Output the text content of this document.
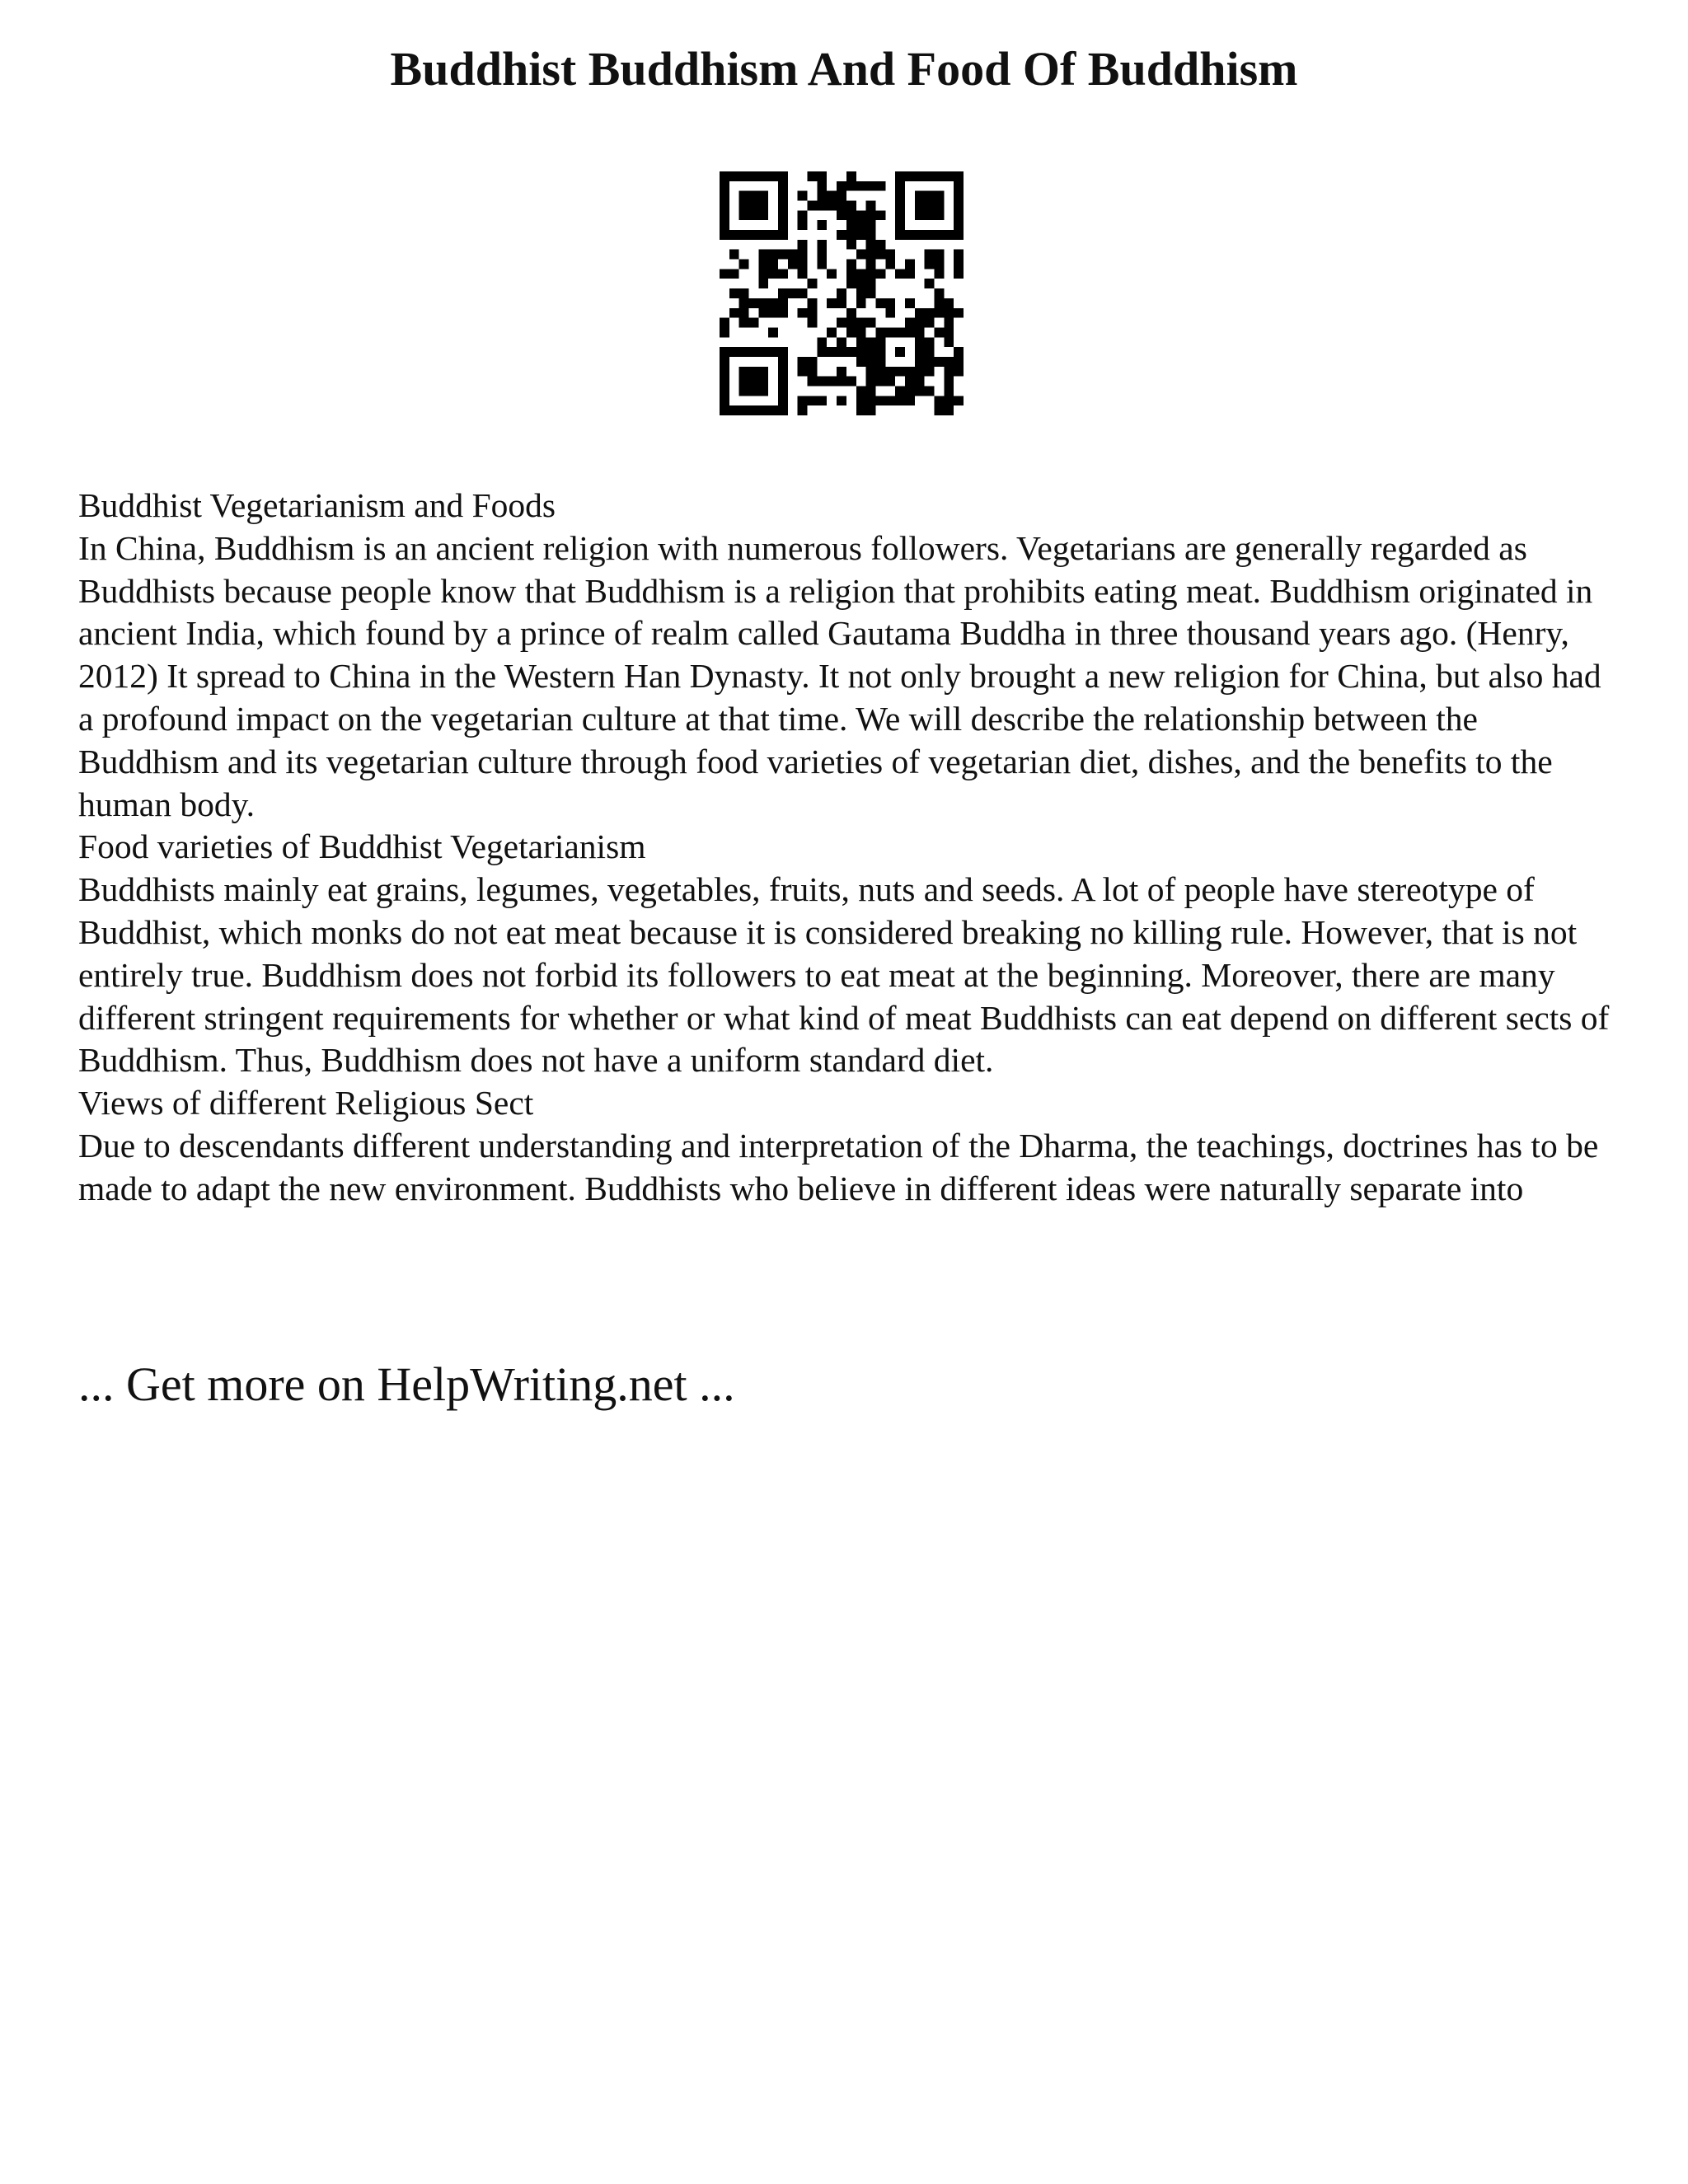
Buddhist Buddhism And Food Of Buddhism

Buddhist Vegetarianism and Foods

In China, Buddhism is an ancient religion with numerous followers. Vegetarians are generally regarded as Buddhists because people know that Buddhism is a religion that prohibits eating meat. Buddhism originated in ancient India, which found by a prince of realm called Gautama Buddha in three thousand years ago. (Henry, 2012) It spread to China in the Western Han Dynasty. It not only brought a new religion for China, but also had a profound impact on the vegetarian culture at that time. We will describe the relationship between the Buddhism and its vegetarian culture through food varieties of vegetarian diet, dishes, and the benefits to the human body.

Food varieties of Buddhist Vegetarianism

Buddhists mainly eat grains, legumes, vegetables, fruits, nuts and seeds. A lot of people have stereotype of Buddhist, which monks do not eat meat because it is considered breaking no killing rule. However, that is not entirely true. Buddhism does not forbid its followers to eat meat at the beginning. Moreover, there are many different stringent requirements for whether or what kind of meat Buddhists can eat depend on different sects of Buddhism. Thus, Buddhism does not have a uniform standard diet.

Views of different Religious Sect

Due to descendants different understanding and interpretation of the Dharma, the teachings, doctrines has to be made to adapt the new environment. Buddhists who believe in different ideas were naturally separate into

... Get more on HelpWriting.net ...
